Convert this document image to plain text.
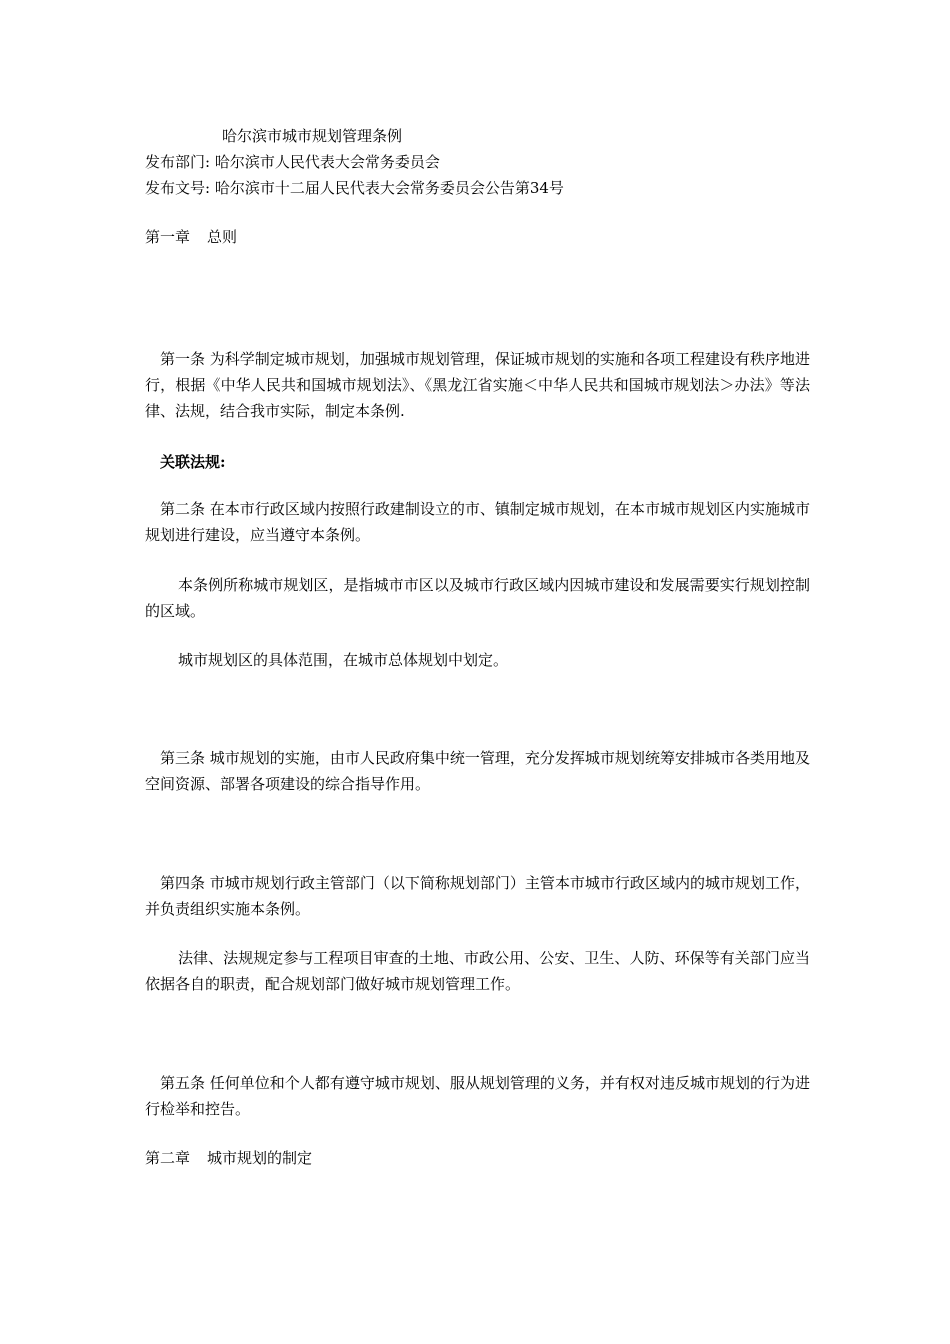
哈尔滨市城市规划管理条例
发布部门: 哈尔滨市人民代表大会常务委员会
发布文号: 哈尔滨市十二届人民代表大会常务委员会公告第34号
第一章 总则
第一条 为科学制定城市规划，加强城市规划管理，保证城市规划的实施和各项工程建设有秩序地进行，根据《中华人民共和国城市规划法》、《黑龙江省实施＜中华人民共和国城市规划法＞办法》等法律、法规，结合我市实际，制定本条例.
关联法规:
第二条 在本市行政区域内按照行政建制设立的市、镇制定城市规划，在本市城市规划区内实施城市规划进行建设，应当遵守本条例。
本条例所称城市规划区，是指城市市区以及城市行政区域内因城市建设和发展需要实行规划控制的区域。
城市规划区的具体范围，在城市总体规划中划定。
第三条 城市规划的实施，由市人民政府集中统一管理，充分发挥城市规划统筹安排城市各类用地及空间资源、部署各项建设的综合指导作用。
第四条 市城市规划行政主管部门（以下简称规划部门）主管本市城市行政区域内的城市规划工作，并负责组织实施本条例。
法律、法规规定参与工程项目审查的土地、市政公用、公安、卫生、人防、环保等有关部门应当依据各自的职责，配合规划部门做好城市规划管理工作。
第五条 任何单位和个人都有遵守城市规划、服从规划管理的义务，并有权对违反城市规划的行为进行检举和控告。
第二章 城市规划的制定
